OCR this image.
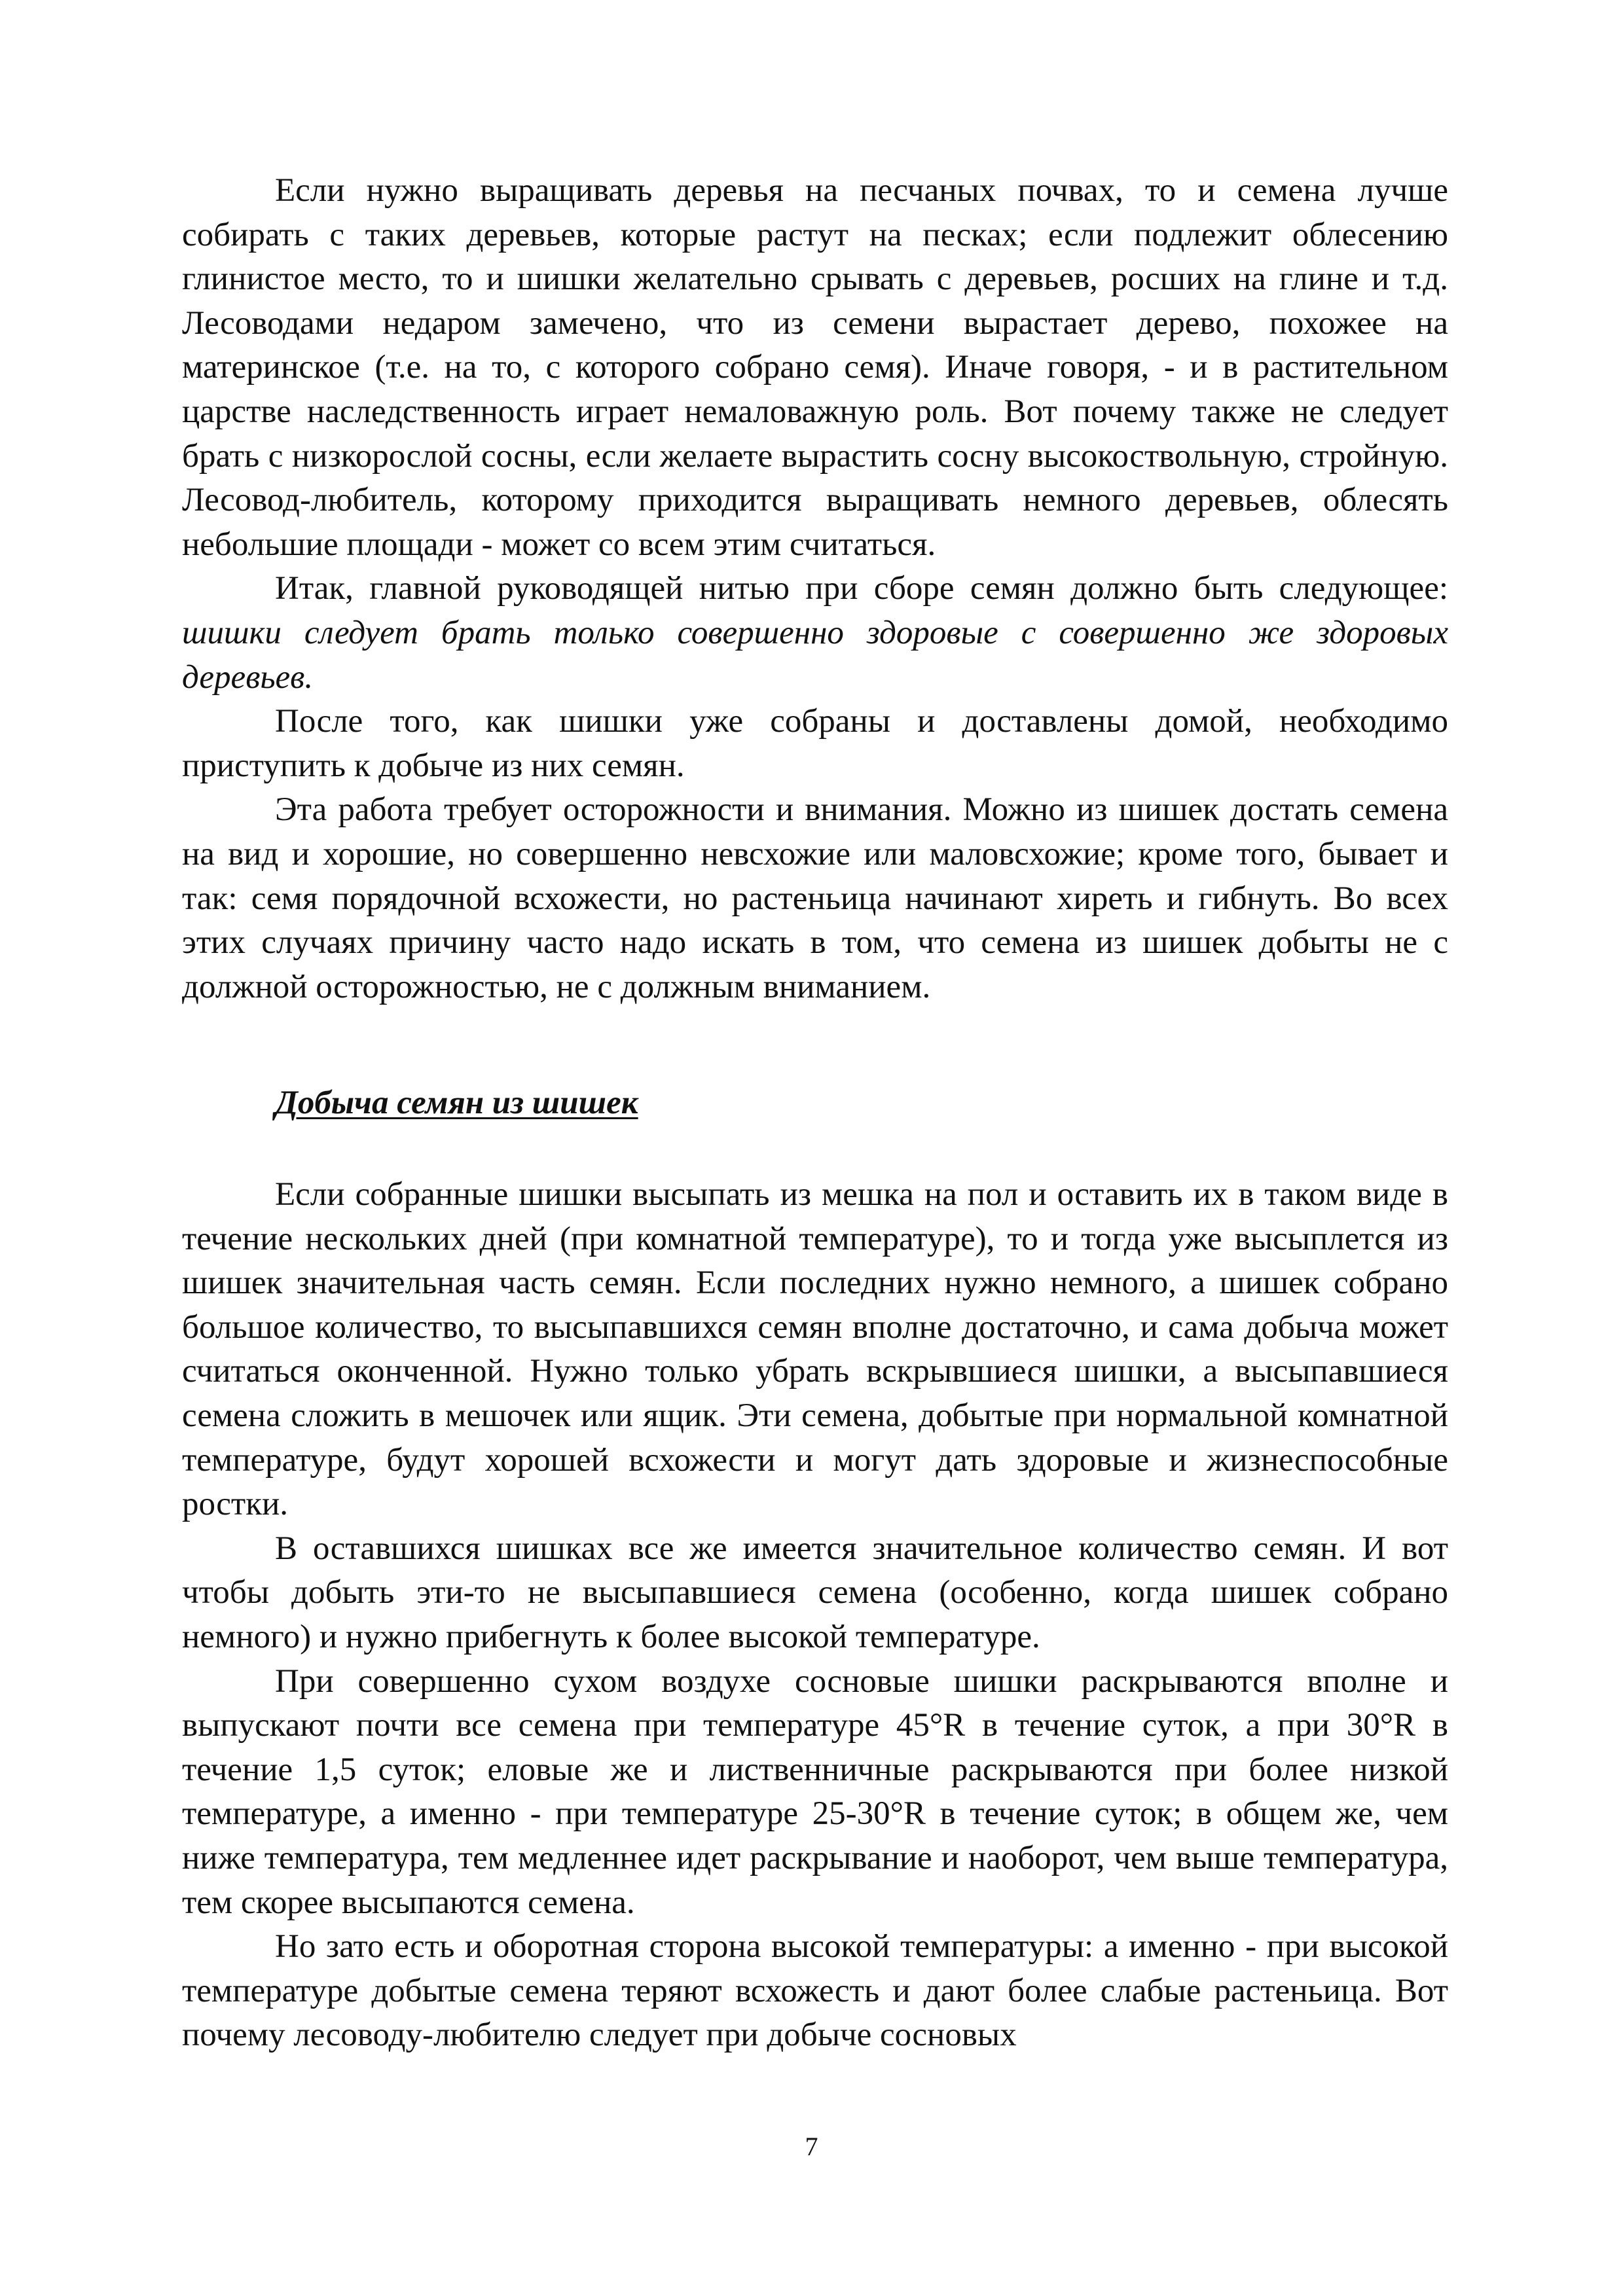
Если нужно выращивать деревья на песчаных почвах, то и семена лучше собирать с таких деревьев, которые растут на песках; если подлежит облесению глинистое место, то и шишки желательно срывать с деревьев, росших на глине и т.д. Лесоводами недаром замечено, что из семени вырастает дерево, похожее на материнское (т.е. на то, с которого собрано семя). Иначе говоря, - и в растительном царстве наследственность играет немаловажную роль. Вот почему также не следует брать с низкорослой сосны, если желаете вырастить сосну высокоствольную, стройную. Лесовод-любитель, которому приходится выращивать немного деревьев, облесять небольшие площади - может со всем этим считаться.

Итак, главной руководящей нитью при сборе семян должно быть следующее: шишки следует брать только совершенно здоровые с совершенно же здоровых деревьев.

После того, как шишки уже собраны и доставлены домой, необходимо приступить к добыче из них семян.

Эта работа требует осторожности и внимания. Можно из шишек достать семена на вид и хорошие, но совершенно невсхожие или маловсхожие; кроме того, бывает и так: семя порядочной всхожести, но растеньица начинают хиреть и гибнуть. Во всех этих случаях причину часто надо искать в том, что семена из шишек добыты не с должной осторожностью, не с должным вниманием.

Добыча семян из шишек

Если собранные шишки высыпать из мешка на пол и оставить их в таком виде в течение нескольких дней (при комнатной температуре), то и тогда уже высыплется из шишек значительная часть семян. Если последних нужно немного, а шишек собрано большое количество, то высыпавшихся семян вполне достаточно, и сама добыча может считаться оконченной. Нужно только убрать вскрывшиеся шишки, а высыпавшиеся семена сложить в мешочек или ящик. Эти семена, добытые при нормальной комнатной температуре, будут хорошей всхожести и могут дать здоровые и жизнеспособные ростки.

В оставшихся шишках все же имеется значительное количество семян. И вот чтобы добыть эти-то не высыпавшиеся семена (особенно, когда шишек собрано немного) и нужно прибегнуть к более высокой температуре.

При совершенно сухом воздухе сосновые шишки раскрываются вполне и выпускают почти все семена при температуре 45°R в течение суток, а при 30°R в течение 1,5 суток; еловые же и лиственничные раскрываются при более низкой температуре, а именно - при температуре 25-30°R в течение суток; в общем же, чем ниже температура, тем медленнее идет раскрывание и наоборот, чем выше температура, тем скорее высыпаются семена.

Но зато есть и оборотная сторона высокой температуры: а именно - при высокой температуре добытые семена теряют всхожесть и дают более слабые растеньица. Вот почему лесоводу-любителю следует при добыче сосновых

7
